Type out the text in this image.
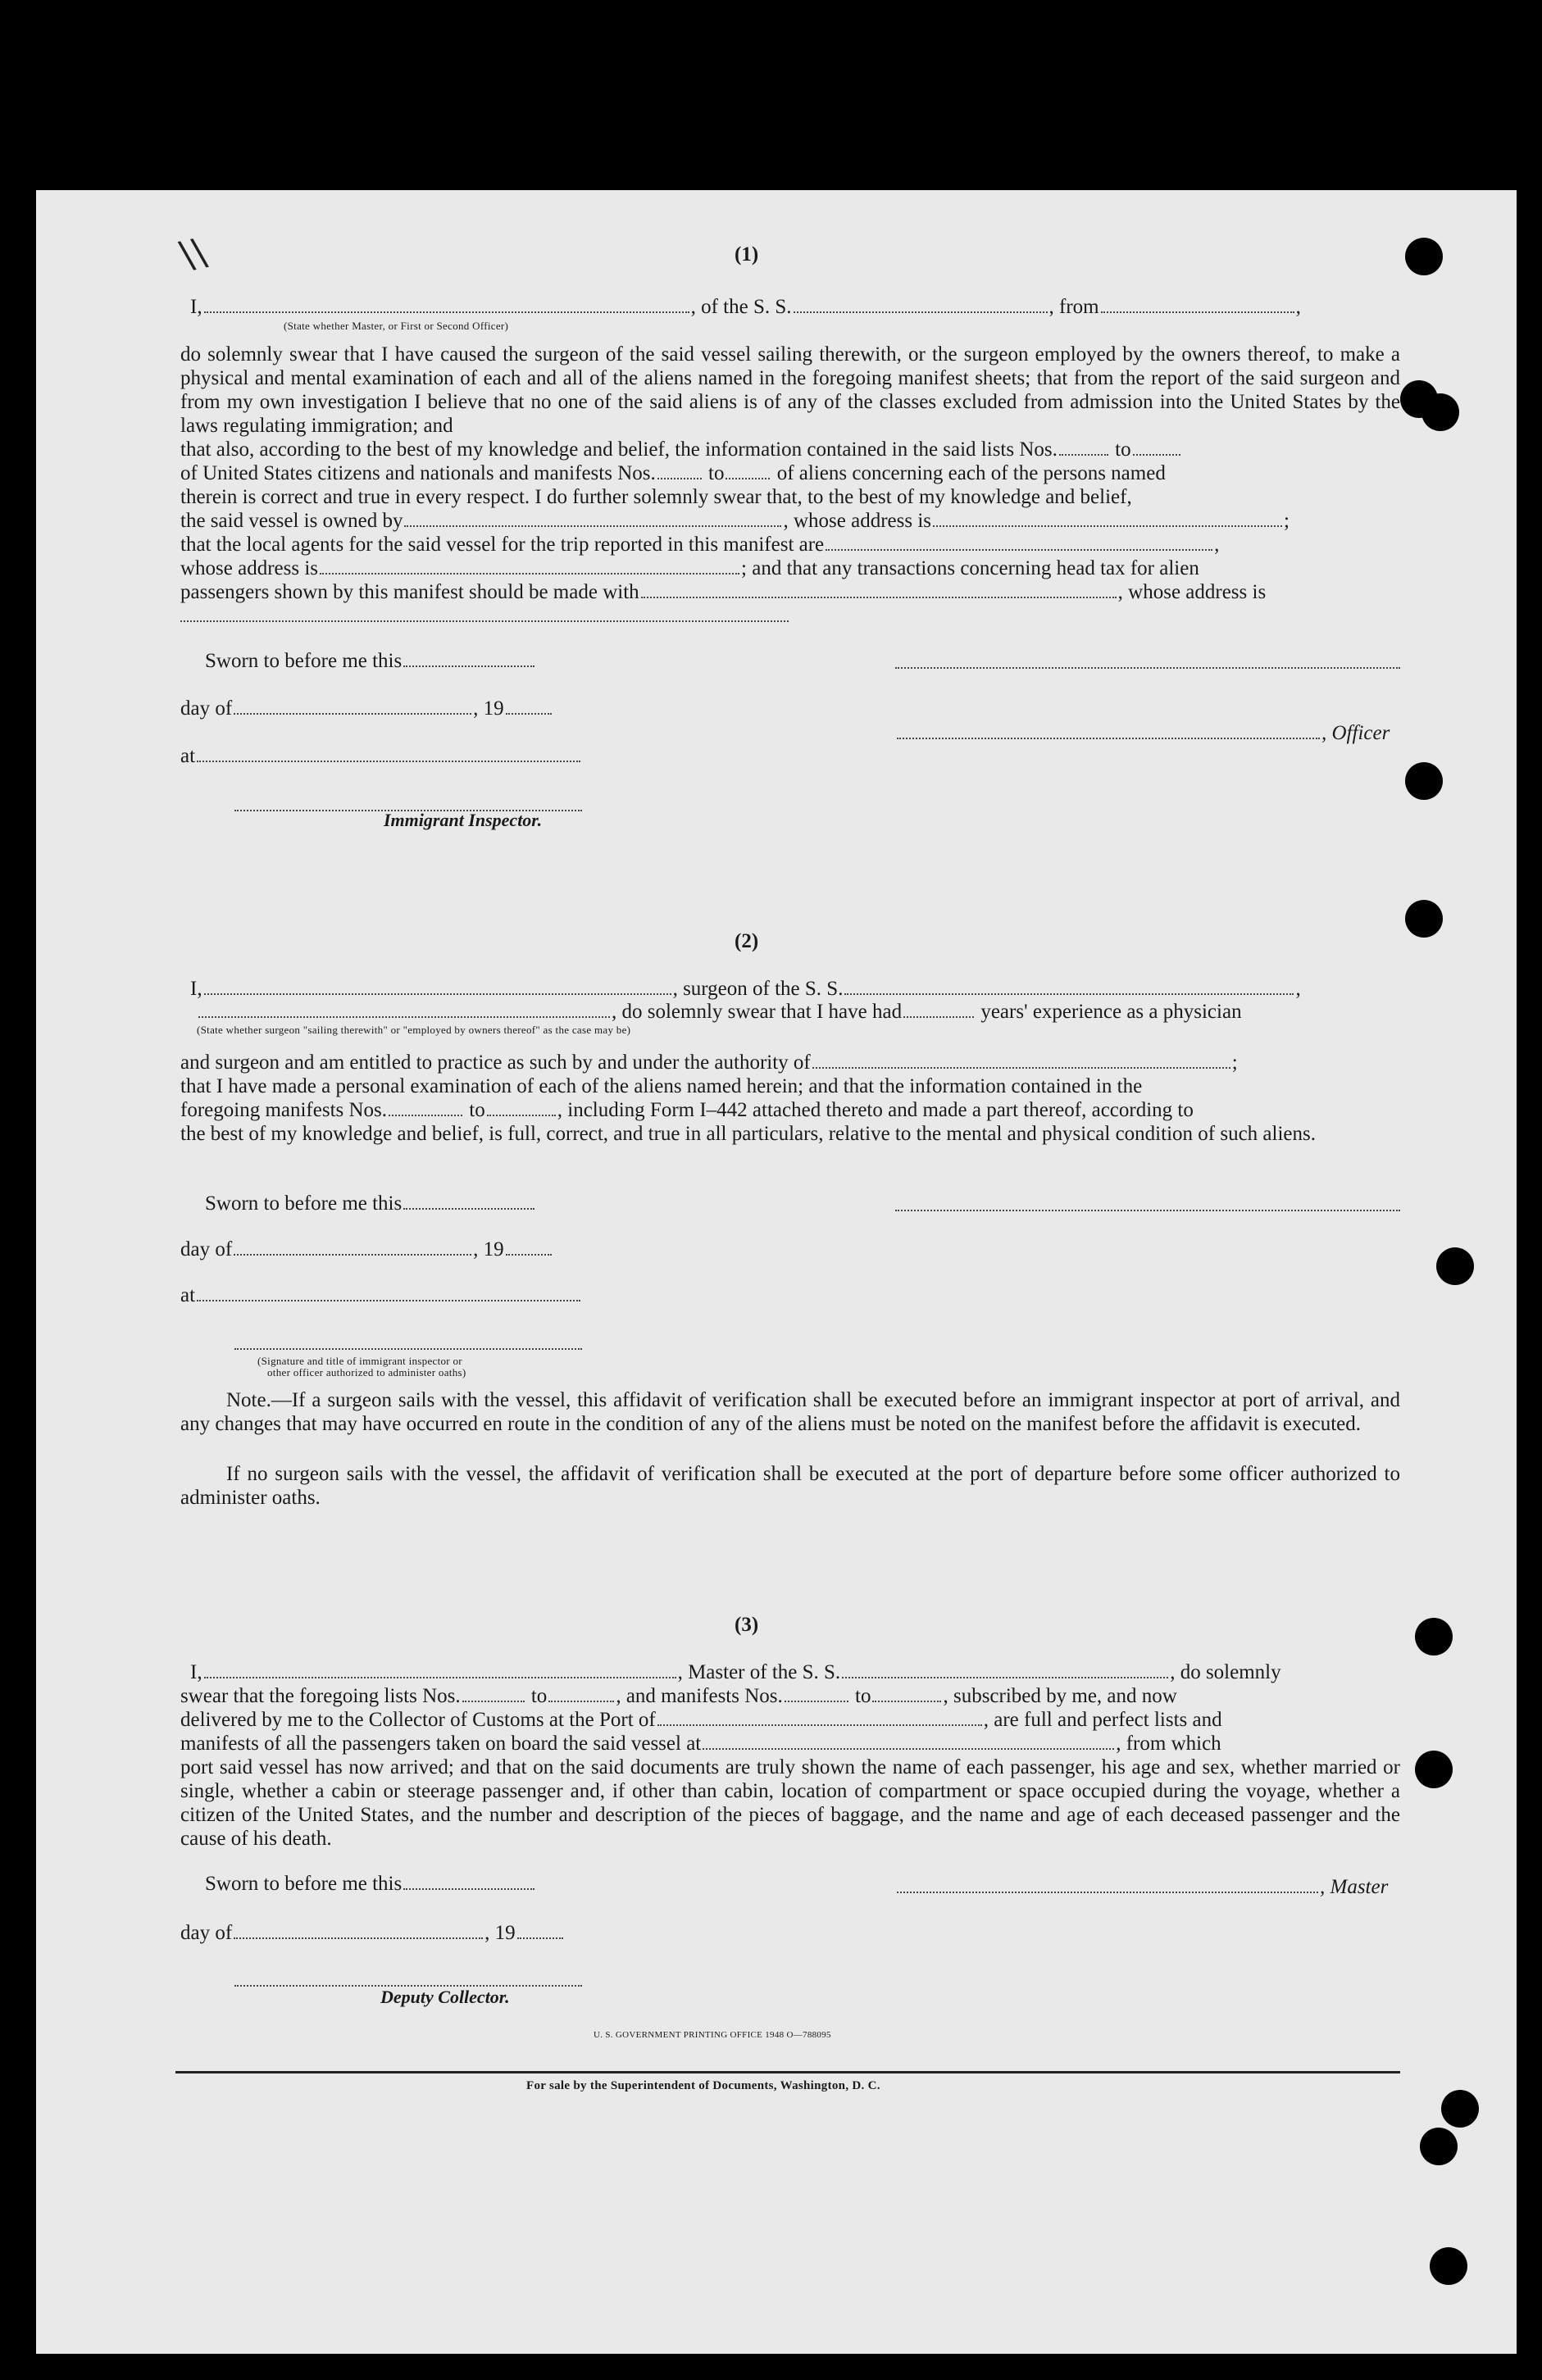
\\	(1)
I,	, of the S. S.	, from	,
(State whether Master, or First or Second Officer)
do solemnly swear that I have caused the surgeon of the said vessel sailing therewith, or the surgeon employed by the owners thereof, to make a physical and mental examination of each and all of the aliens named in the foregoing manifest sheets; that from the report of the said surgeon and from my own investigation I believe that no one of the said aliens is of any of the classes excluded from admission into the United States by the laws regulating immigration; and
that also, according to the best of my knowledge and belief, the information contained in the said lists Nos.	to
of United States citizens and nationals and manifests Nos.	to	of aliens concerning each of the persons named
therein is correct and true in every respect. I do further solemnly swear that, to the best of my knowledge and belief,
the said vessel is owned by	, whose address is	;
that the local agents for the said vessel for the trip reported in this manifest are	,
whose address is	; and that any transactions concerning head tax for alien
passengers shown by this manifest should be made with	, whose address is
Sworn to before me this
day of	, 19
, Officer
at
Immigrant Inspector.
(2)
I,	, surgeon of the S. S.	,
, do solemnly swear that I have had	years' experience as a physician
(State whether surgeon "sailing therewith" or "employed by owners thereof" as the case may be)
and surgeon and am entitled to practice as such by and under the authority of	;
that I have made a personal examination of each of the aliens named herein; and that the information contained in the
foregoing manifests Nos.	to	, including Form I–442 attached thereto and made a part thereof, according to
the best of my knowledge and belief, is full, correct, and true in all particulars, relative to the mental and physical condition of such aliens.
Sworn to before me this
day of	, 19
at
(Signature and title of immigrant inspector or
other officer authorized to administer oaths)
Note.—If a surgeon sails with the vessel, this affidavit of verification shall be executed before an immigrant inspector at port of arrival, and any changes that may have occurred en route in the condition of any of the aliens must be noted on the manifest before the affidavit is executed.
If no surgeon sails with the vessel, the affidavit of verification shall be executed at the port of departure before some officer authorized to administer oaths.
(3)
I,	, Master of the S. S.	, do solemnly
swear that the foregoing lists Nos.	to	, and manifests Nos.	to	, subscribed by me, and now
delivered by me to the Collector of Customs at the Port of	, are full and perfect lists and
manifests of all the passengers taken on board the said vessel at	, from which
port said vessel has now arrived; and that on the said documents are truly shown the name of each passenger, his age and sex, whether married or single, whether a cabin or steerage passenger and, if other than cabin, location of compartment or space occupied during the voyage, whether a citizen of the United States, and the number and description of the pieces of baggage, and the name and age of each deceased passenger and the cause of his death.
Sworn to before me this	, Master
day of	, 19
Deputy Collector.
U. S. GOVERNMENT PRINTING OFFICE 1948 O—788095
For sale by the Superintendent of Documents, Washington, D. C.
